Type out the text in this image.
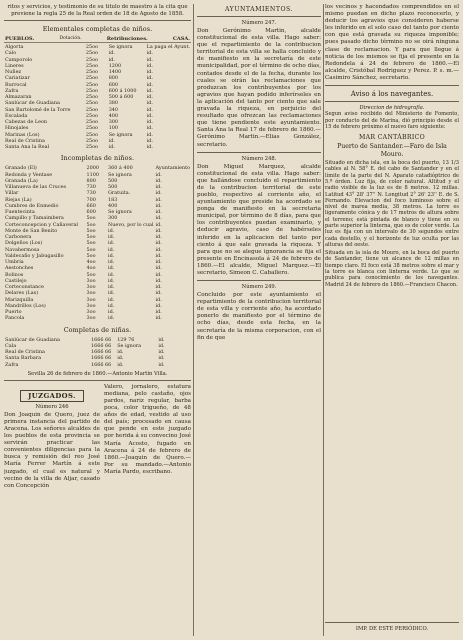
ritos y servicios, y testimonio de su título de maestro á la cita que previene la regla 25 de la Real orden de 18 de Agosto de 1858.
Elementales completas de niños.
PUEBLOS.	Dotación.	Retribuciones.	CASA.
Algorta	25oo	Se ignora	La paga el Ayunt.
Calo	25oo	id.	id.
Camporolo	25oo	id.	id.
Lineres	25oo	1200	id.
Nuñez	25oo	1400	id.
Cariatizar	25oo	800	id.
Burrocal	25oo	600	id.
Zafra	25oo	600 á 1000	id.
Almazaran	25oo	500 á 600	id.
Sanlúcar de Guadiana	25oo	380	id.
San Bartolomé de la Torre	25oo	340	id.
Escalada	25oo	400	id.
Cabezas de Leon	25oo	300	id.
Hinojales	25oo	100	id.
Marinas (Los)	25oo	Se ignora	id.
Real de Cristina	25oo	id.	id.
Santa Ana la Real	25oo	id.	id.
Incompletas de niños.
Granado (El)	2000	360 á 400	Ayuntamiento
Redonda y Ventase	1100	Se ignora	id.
Granada (La)	800	500	id.
Villanueva de las Cruces	730	500	id.
Villar	730	Gratuita.	id.
Riejas (La)	700	183	id.
Cumbres de Enmedio	660	400	id.
Fuentecinta	600	Se ignora	id.
Campillo y Tamaimbera	5oo	300	id.
Corteconcepcion y Cañaveral	5oo	Nuevo, por lo cual	id.
Monte de San Benito	5oo	id.	id.
Carbonera	5oo	id.	id.
Dolgeños (Los)	5oo	id.	id.
Navahermosa	5oo	id.	id.
Valdecaño y Jabugasillo	5oo	id.	id.
Umbría	4oo	id.	id.
Aestonches	4oo	id.	id.
Bolinos	5oo	id.	id.
Castilejo	3oo	id.	id.
Corteconstance	3oo	id.	id.
Delares (Las)	3oo	id.	id.
Marizquilla	3oo	id.	id.
Mandrillos (Los)	3oo	id.	id.
Puerto	3oo	id.	id.
Pancola	3oo	id.	id.
Completas de niñas.
Sanlúcar de Guadiana	1666 66	129 76	id.
Cala	1666 66	Se ignora	id.
Real de Cristina	1666 66	id.	id.
Santa Barbara	1666 66	id.	id.
Zafra	1666 66	id.	id.
Sevilla 26 de febrero de 1860.—Antonio Martin Villa.
JUZGADOS.
Número 246
Don Joaquin de Quero, juez de primera instancia del partido de Aracena. Los señores alcaldes de los pueblos de esta provincia se servirán practicar las convenientes diligencias para la busca y remisión del reo José María Ferrer Martín á este juzgado, el cual es natural y vecino de la villa de Aljar, casado con Concepción
Valero, jornalero, estatura mediana, pelo castaño, ojos pardos, nariz regular, barba poca, color trigueño, de 48 años de edad, vestido al uso del país; procesado en causa que pende en este juzgado por herida á su convecino José María Acosto, fugado en Aracena á 24 de febrero de 1860.—Joaquin de Quero.—Por su mandado.—Antonio María Pardo, escribano.
AYUNTAMIENTOS.
Número 247.
Don Gerónimo Martin, alcalde constitucional de esta villa. Hago saber: que el repartimiento de la contribucion territorial de esta villa se halla concluido y de manifiesto en la secretaría de este municipalidad, por el término de ocho días, contados desde el de la fecha, durante los cuales se oirán las reclamaciones que produzcan los contribuyentes por los agravios que hayan podido inferírseles en la aplicación del tanto por ciento que sale gravada la riqueza, en perjuicio del resultado que ofrezcan las reclamaciones que tiene pendiente este ayuntamiento. Santa Ana la Real 17 de febrero de 1860.—Gerónimo Martin.—Elias González, secretario.
Número 248.
Don Miguel Marquez, alcalde constitucional de esta villa. Hago saber: que hallándose concluido el repartimiento de la contribucion territorial de este pueblo, respectivo al corriente año, el ayuntamiento que preside ha acordado se ponga de manifiesto en la secretaria municipal, por término de 8 días, para que los contribuyentes puedan examinarlo, y deducir agravio, caso de habérseles inferido en la aplicacion del tanto por ciento á que sale gravada la riqueza. Y para que no se alegue ignorancia se fija el presente en Encinasola á 24 de febrero de 1860.—El alcalde, Miguel Marquez.—El secretario, Simeon C. Caballero.
Número 249.
Concluido por este ayuntamiento el repartimiento de la contribucion territorial de esta villa y corriente año, ha acordado ponerlo de manifiesto por el término de ocho días, desde esta fecha, en la secretaría de la misma corporacion, con el fin de que
los vecinos y hacendados comprendidos en el mismo puedan en dicho plazo reconocerlo, y deducir los agravios que consideren haberse les inferido en el solo caso del tanto por ciento con que está gravada su riqueza imponible; pues pasado dicho término no se oirá ninguna clase de reclamacion. Y para que llegue á noticia de los mismos se fija el presente en la Redondela á 24 de febrero de 1860.—El alcalde, Cristóbal Rodriguez y Perez. P. s. m.—Casimiro Sánchez, secretario.
Aviso á los navegantes.
Direccion de hidrografía.
Segun aviso recibido del Ministerio de Fomento, por conducto del de Marina, dió principio desde el 15 de febrero próximo el nuevo faro siguiente:
MAR CANTÁBRICO
Puerto de Santander.—Faro de Isla Mouro.
Situado en dicha isla, en la boca del puerto, 13 1/3 cables al N. 58° E. del cabo de Santander y en el límite de la parte del N. Aparato catadióptrico de 5.ª órden. Luz fija, de color natural. Altitud y el radio visible de la luz es de 8 metros. 12 millas. Latitud 43° 28' 37'' N. Longitud 2° 26' 23'' E. de S. Fernando. Elevacion del foco luminoso sobre el nivel de marea media, 38 metros. La torre es ligeramente cónica y de 17 metros de altura sobre el terreno; está pintada de blanco y tiene en su parte superior la linterna, que es de color verde. La luz es fija con un intervalo de 30 segundos entre cada destello, y el horizonte de luz oculta por las alturas del oeste.
Situada en la isla de Mouro, en la boca del puerto de Santander, tiene un alcance de 12 millas en tiempo claro. El foco está 38 metros sobre el mar y la torre es blanca con linterna verde. Lo que se publica para conocimiento de los navegantes. Madrid 24 de febrero de 1860.—Francisco Chacon.
IMP. DE ESTE PERIÓDICO.
